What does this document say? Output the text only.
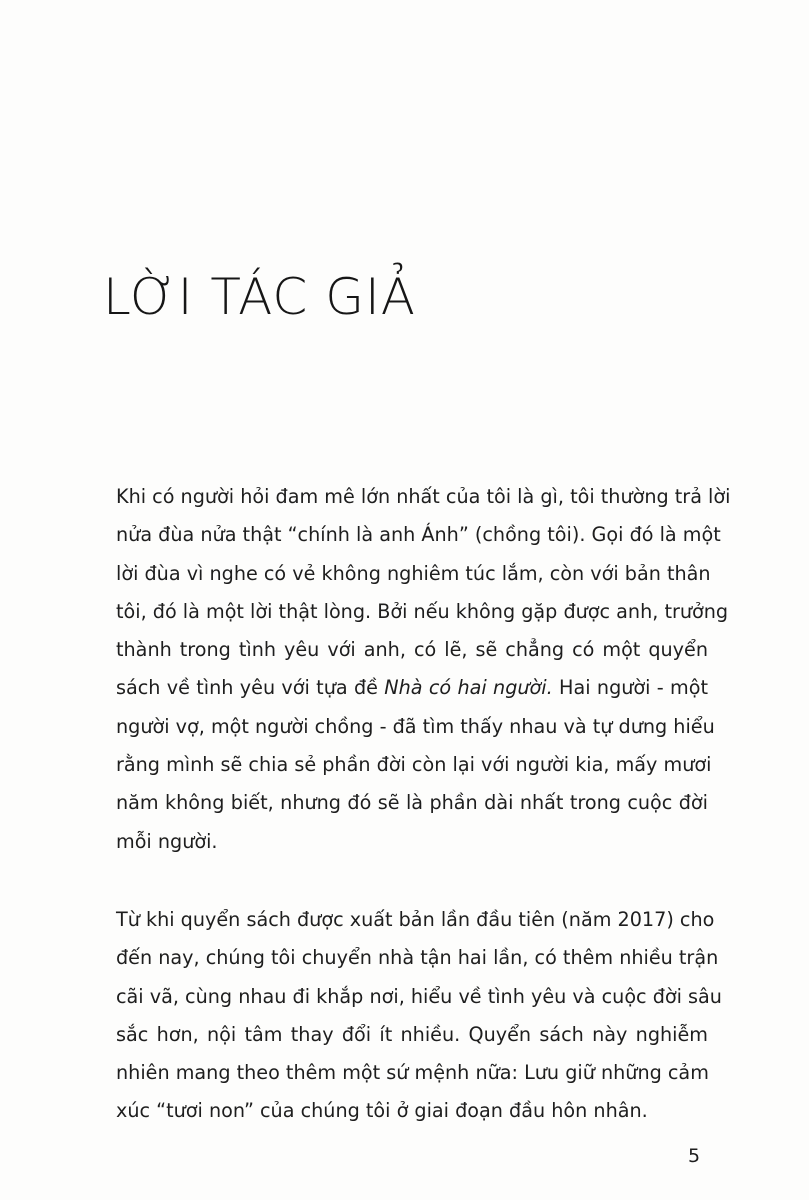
LỜI TÁC GIẢ
Khi có người hỏi đam mê lớn nhất của tôi là gì, tôi thường trả lời
nửa đùa nửa thật “chính là anh Ánh” (chồng tôi). Gọi đó là một
lời đùa vì nghe có vẻ không nghiêm túc lắm, còn với bản thân
tôi, đó là một lời thật lòng. Bởi nếu không gặp được anh, trưởng
thành trong tình yêu với anh, có lẽ, sẽ chẳng có một quyển
sách về tình yêu với tựa đề Nhà có hai người. Hai người - một
người vợ, một người chồng - đã tìm thấy nhau và tự dưng hiểu
rằng mình sẽ chia sẻ phần đời còn lại với người kia, mấy mươi
năm không biết, nhưng đó sẽ là phần dài nhất trong cuộc đời
mỗi người.
Từ khi quyển sách được xuất bản lần đầu tiên (năm 2017) cho
đến nay, chúng tôi chuyển nhà tận hai lần, có thêm nhiều trận
cãi vã, cùng nhau đi khắp nơi, hiểu về tình yêu và cuộc đời sâu
sắc hơn, nội tâm thay đổi ít nhiều. Quyển sách này nghiễm
nhiên mang theo thêm một sứ mệnh nữa: Lưu giữ những cảm
xúc “tươi non” của chúng tôi ở giai đoạn đầu hôn nhân.
5
